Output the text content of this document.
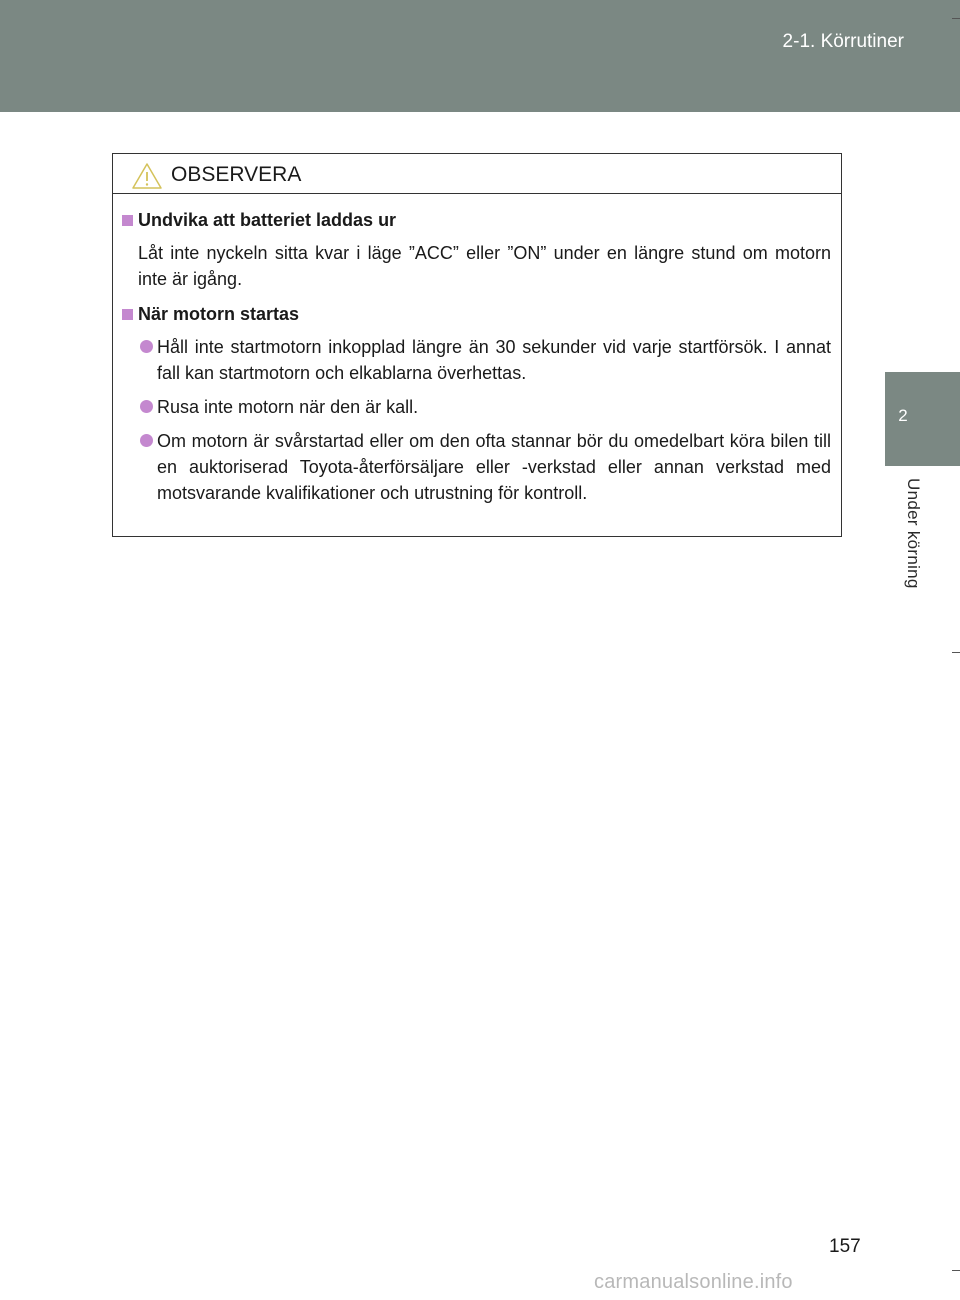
2-1. Körrutiner
2
Under körning
OBSERVERA
Undvika att batteriet laddas ur

Låt inte nyckeln sitta kvar i läge ”ACC” eller ”ON” under en längre stund om motorn inte är igång.

När motorn startas
Håll inte startmotorn inkopplad längre än 30 sekunder vid varje startförsök. I annat fall kan startmotorn och elkablarna överhettas.
Rusa inte motorn när den är kall.
Om motorn är svårstartad eller om den ofta stannar bör du omedelbart köra bilen till en auktoriserad Toyota-återförsäljare eller -verkstad eller annan verkstad med motsvarande kvalifikationer och utrustning för kontroll.
157
carmanualsonline.info
